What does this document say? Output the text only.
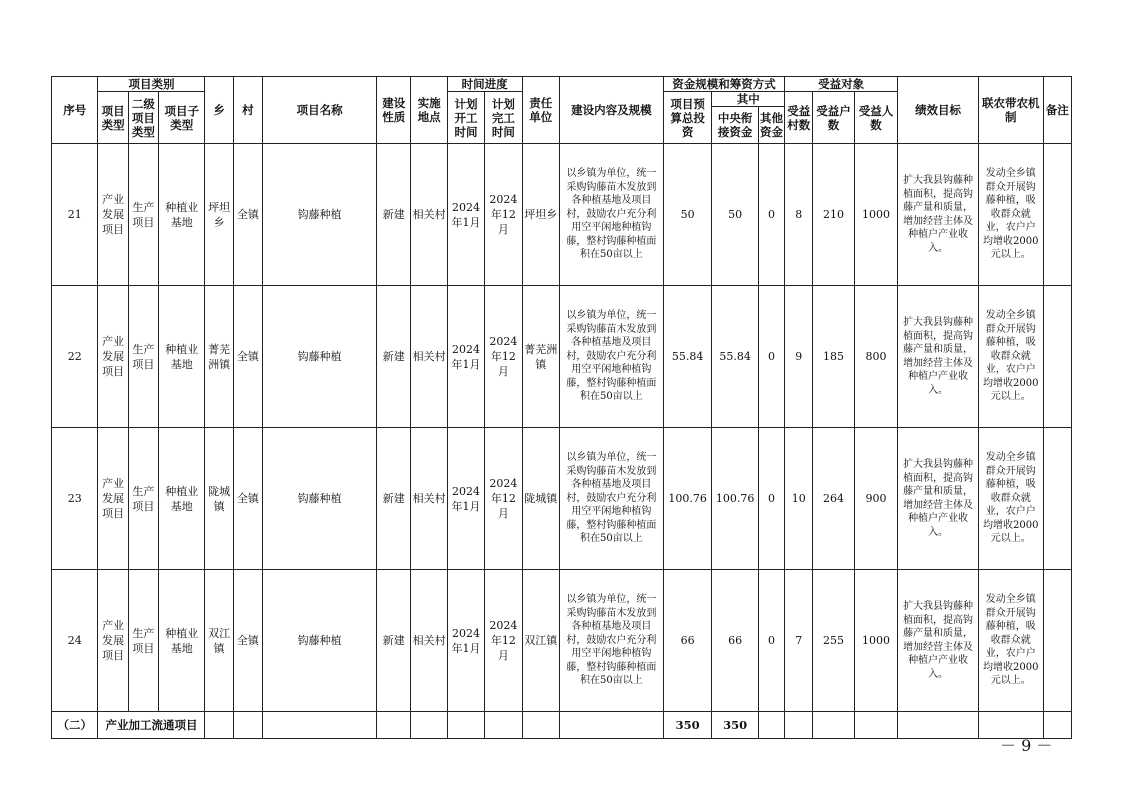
序号	项目类别			乡	村	项目名称	建设性质	实施地点	时间进度		责任单位	建设内容及规模	资金规模和筹资方式			受益对象			绩效目标	联农带农机制	备注
	项目类型	二级项目类型	项目子类型						计划开工时间	计划完工时间			项目预算总投资	其中		受益村数	受益户数	受益人数			
														中央衔接资金	其他资金						
21	产业发展项目	生产项目	种植业基地	坪坦乡	全镇	钩藤种植	新建	相关村	2024年1月	2024年12月	坪坦乡	以乡镇为单位，统一采购钩藤苗木发放到各种植基地及项目村，鼓励农户充分利用空平闲地种植钩藤，整村钩藤种植面积在50亩以上	50	50	0	8	210	1000	扩大我县钩藤种植面积，提高钩藤产量和质量，增加经营主体及种植户产业收入。	发动全乡镇群众开展钩藤种植，吸收群众就业，农户户均增收2000元以上。	
22	产业发展项目	生产项目	种植业基地	菁芜洲镇	全镇	钩藤种植	新建	相关村	2024年1月	2024年12月	菁芜洲镇	以乡镇为单位，统一采购钩藤苗木发放到各种植基地及项目村，鼓励农户充分利用空平闲地种植钩藤，整村钩藤种植面积在50亩以上	55.84	55.84	0	9	185	800	扩大我县钩藤种植面积，提高钩藤产量和质量，增加经营主体及种植户产业收入。	发动全乡镇群众开展钩藤种植，吸收群众就业，农户户均增收2000元以上。	
23	产业发展项目	生产项目	种植业基地	陇城镇	全镇	钩藤种植	新建	相关村	2024年1月	2024年12月	陇城镇	以乡镇为单位，统一采购钩藤苗木发放到各种植基地及项目村，鼓励农户充分利用空平闲地种植钩藤，整村钩藤种植面积在50亩以上	100.76	100.76	0	10	264	900	扩大我县钩藤种植面积，提高钩藤产量和质量，增加经营主体及种植户产业收入。	发动全乡镇群众开展钩藤种植，吸收群众就业，农户户均增收2000元以上。	
24	产业发展项目	生产项目	种植业基地	双江镇	全镇	钩藤种植	新建	相关村	2024年1月	2024年12月	双江镇	以乡镇为单位，统一采购钩藤苗木发放到各种植基地及项目村，鼓励农户充分利用空平闲地种植钩藤，整村钩藤种植面积在50亩以上	66	66	0	7	255	1000	扩大我县钩藤种植面积，提高钩藤产量和质量，增加经营主体及种植户产业收入。	发动全乡镇群众开展钩藤种植，吸收群众就业，农户户均增收2000元以上。	
（二）	产业加工流通项目												350	350							
－ 9 －
